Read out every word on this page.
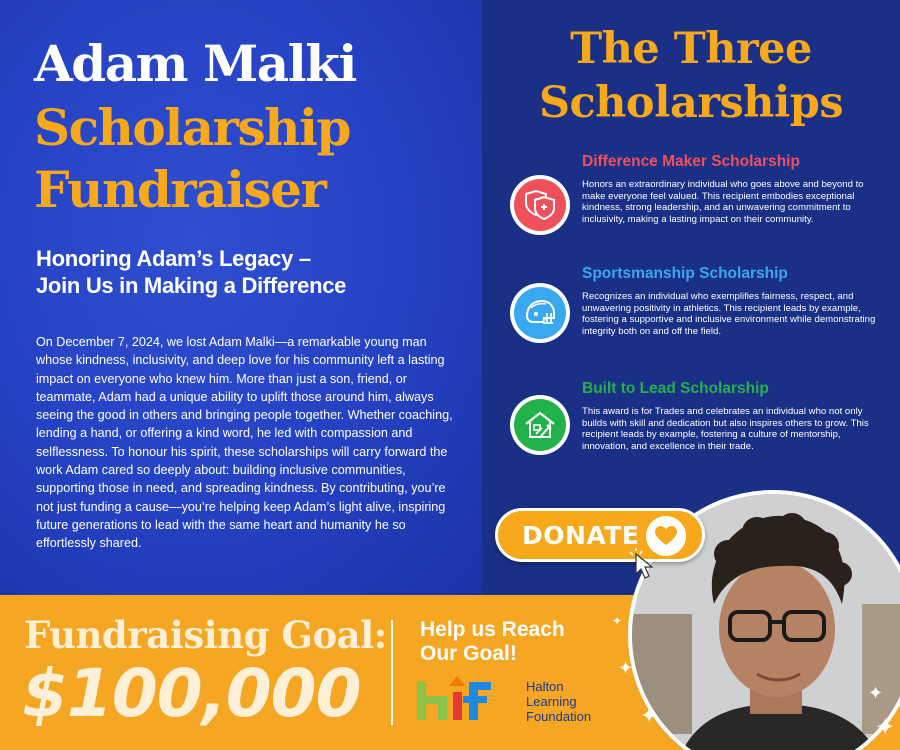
Adam Malki
Scholarship
Fundraiser
Honoring Adam’s Legacy –
Join Us in Making a Difference

On December 7, 2024, we lost Adam Malki—a remarkable young man whose kindness, inclusivity, and deep love for his community left a lasting impact on everyone who knew him. More than just a son, friend, or teammate, Adam had a unique ability to uplift those around him, always seeing the good in others and bringing people together. Whether coaching, lending a hand, or offering a kind word, he led with compassion and selflessness. To honour his spirit, these scholarships will carry forward the work Adam cared so deeply about: building inclusive communities, supporting those in need, and spreading kindness. By contributing, you’re not just funding a cause—you’re helping keep Adam’s light alive, inspiring future generations to lead with the same heart and humanity he so effortlessly shared.

The Three
Scholarships
Difference Maker Scholarship
Honors an extraordinary individual who goes above and beyond to make everyone feel valued. This recipient embodies exceptional kindness, strong leadership, and an unwavering commitment to inclusivity, making a lasting impact on their community.
Sportsmanship Scholarship
Recognizes an individual who exemplifies fairness, respect, and unwavering positivity in athletics. This recipient leads by example, fostering a supportive and inclusive environment while demonstrating integrity both on and off the field.
Built to Lead Scholarship
This award is for Trades and celebrates an individual who not only builds with skill and dedication but also inspires others to grow. This recipient leads by example, fostering a culture of mentorship, innovation, and excellence in their trade.
DONATE
Fundraising Goal:
$100,000
Help us Reach
Our Goal!
Halton
Learning
Foundation
✦
✦
✦
✦
✦
